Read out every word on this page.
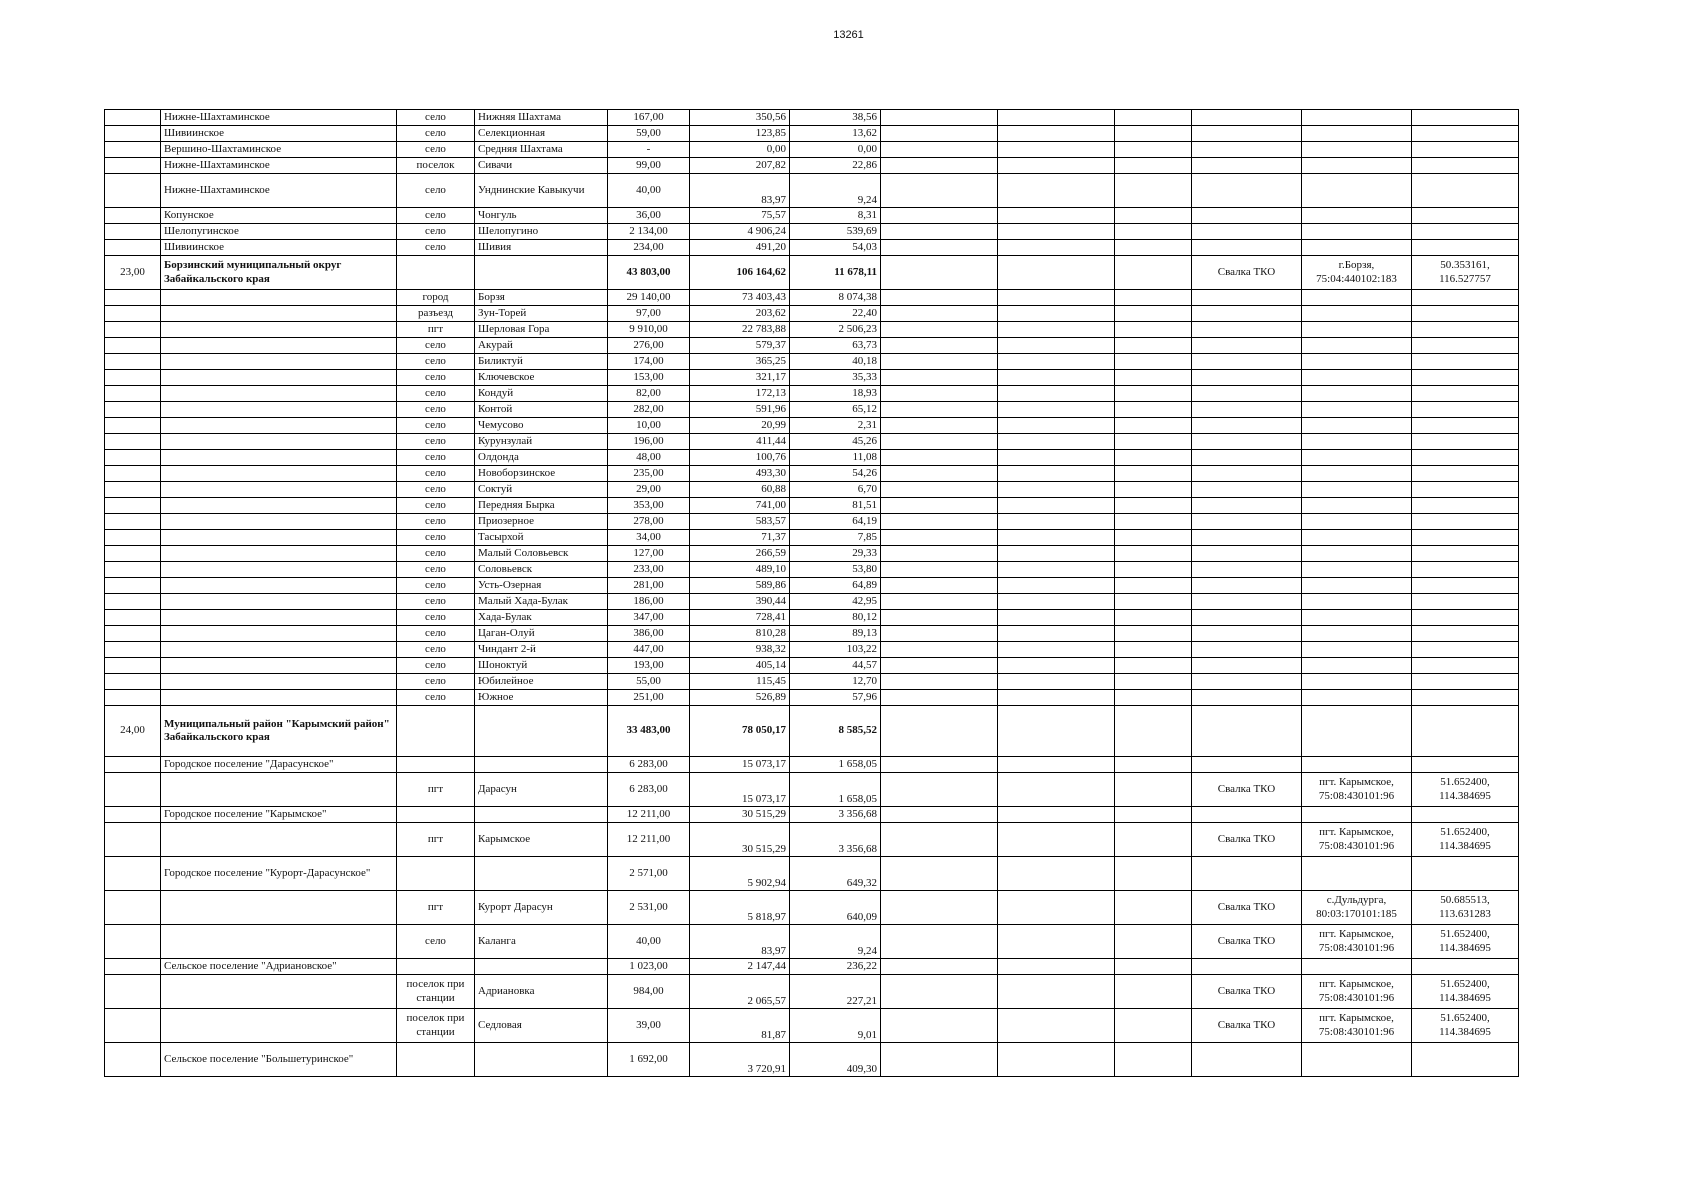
13261
	Нижне-Шахтаминское	село	Нижняя Шахтама	167,00	350,56	38,56						
	Шивиинское	село	Селекционная	59,00	123,85	13,62						
	Вершино-Шахтаминское	село	Средняя Шахтама	-	0,00	0,00						
	Нижне-Шахтаминское	поселок	Сивачи	99,00	207,82	22,86						
	Нижне-Шахтаминское	село	Унднинские Кавыкучи	40,00	83,97	9,24						
	Копунское	село	Чонгуль	36,00	75,57	8,31						
	Шелопугинское	село	Шелопугино	2 134,00	4 906,24	539,69						
	Шивиинское	село	Шивия	234,00	491,20	54,03						
23,00	Борзинский муниципальный округ Забайкальского края			43 803,00	106 164,62	11 678,11				Свалка ТКО	г.Борзя, 75:04:440102:183	50.353161, 116.527757
		город	Борзя	29 140,00	73 403,43	8 074,38						
		разъезд	Зун-Торей	97,00	203,62	22,40						
		пгт	Шерловая Гора	9 910,00	22 783,88	2 506,23						
		село	Акурай	276,00	579,37	63,73						
		село	Биликтуй	174,00	365,25	40,18						
		село	Ключевское	153,00	321,17	35,33						
		село	Кондуй	82,00	172,13	18,93						
		село	Контой	282,00	591,96	65,12						
		село	Чемусово	10,00	20,99	2,31						
		село	Курунзулай	196,00	411,44	45,26						
		село	Олдонда	48,00	100,76	11,08						
		село	Новоборзинское	235,00	493,30	54,26						
		село	Соктуй	29,00	60,88	6,70						
		село	Передняя Бырка	353,00	741,00	81,51						
		село	Приозерное	278,00	583,57	64,19						
		село	Тасырхой	34,00	71,37	7,85						
		село	Малый Соловьевск	127,00	266,59	29,33						
		село	Соловьевск	233,00	489,10	53,80						
		село	Усть-Озерная	281,00	589,86	64,89						
		село	Малый Хада-Булак	186,00	390,44	42,95						
		село	Хада-Булак	347,00	728,41	80,12						
		село	Цаган-Олуй	386,00	810,28	89,13						
		село	Чиндант 2-й	447,00	938,32	103,22						
		село	Шоноктуй	193,00	405,14	44,57						
		село	Юбилейное	55,00	115,45	12,70						
		село	Южное	251,00	526,89	57,96						
24,00	Муниципальный район "Карымский район" Забайкальского края			33 483,00	78 050,17	8 585,52						
	Городское поселение "Дарасунское"			6 283,00	15 073,17	1 658,05						
		пгт	Дарасун	6 283,00	15 073,17	1 658,05				Свалка ТКО	пгт. Карымское, 75:08:430101:96	51.652400, 114.384695
	Городское поселение "Карымское"			12 211,00	30 515,29	3 356,68						
		пгт	Карымское	12 211,00	30 515,29	3 356,68				Свалка ТКО	пгт. Карымское, 75:08:430101:96	51.652400, 114.384695
	Городское поселение "Курорт-Дарасунское"			2 571,00	5 902,94	649,32						
		пгт	Курорт Дарасун	2 531,00	5 818,97	640,09				Свалка ТКО	с.Дульдурга, 80:03:170101:185	50.685513, 113.631283
		село	Каланга	40,00	83,97	9,24				Свалка ТКО	пгт. Карымское, 75:08:430101:96	51.652400, 114.384695
	Сельское поселение "Адриановское"			1 023,00	2 147,44	236,22						
		поселок при станции	Адриановка	984,00	2 065,57	227,21				Свалка ТКО	пгт. Карымское, 75:08:430101:96	51.652400, 114.384695
		поселок при станции	Седловая	39,00	81,87	9,01				Свалка ТКО	пгт. Карымское, 75:08:430101:96	51.652400, 114.384695
	Сельское поселение "Большетуринское"			1 692,00	3 720,91	409,30						
